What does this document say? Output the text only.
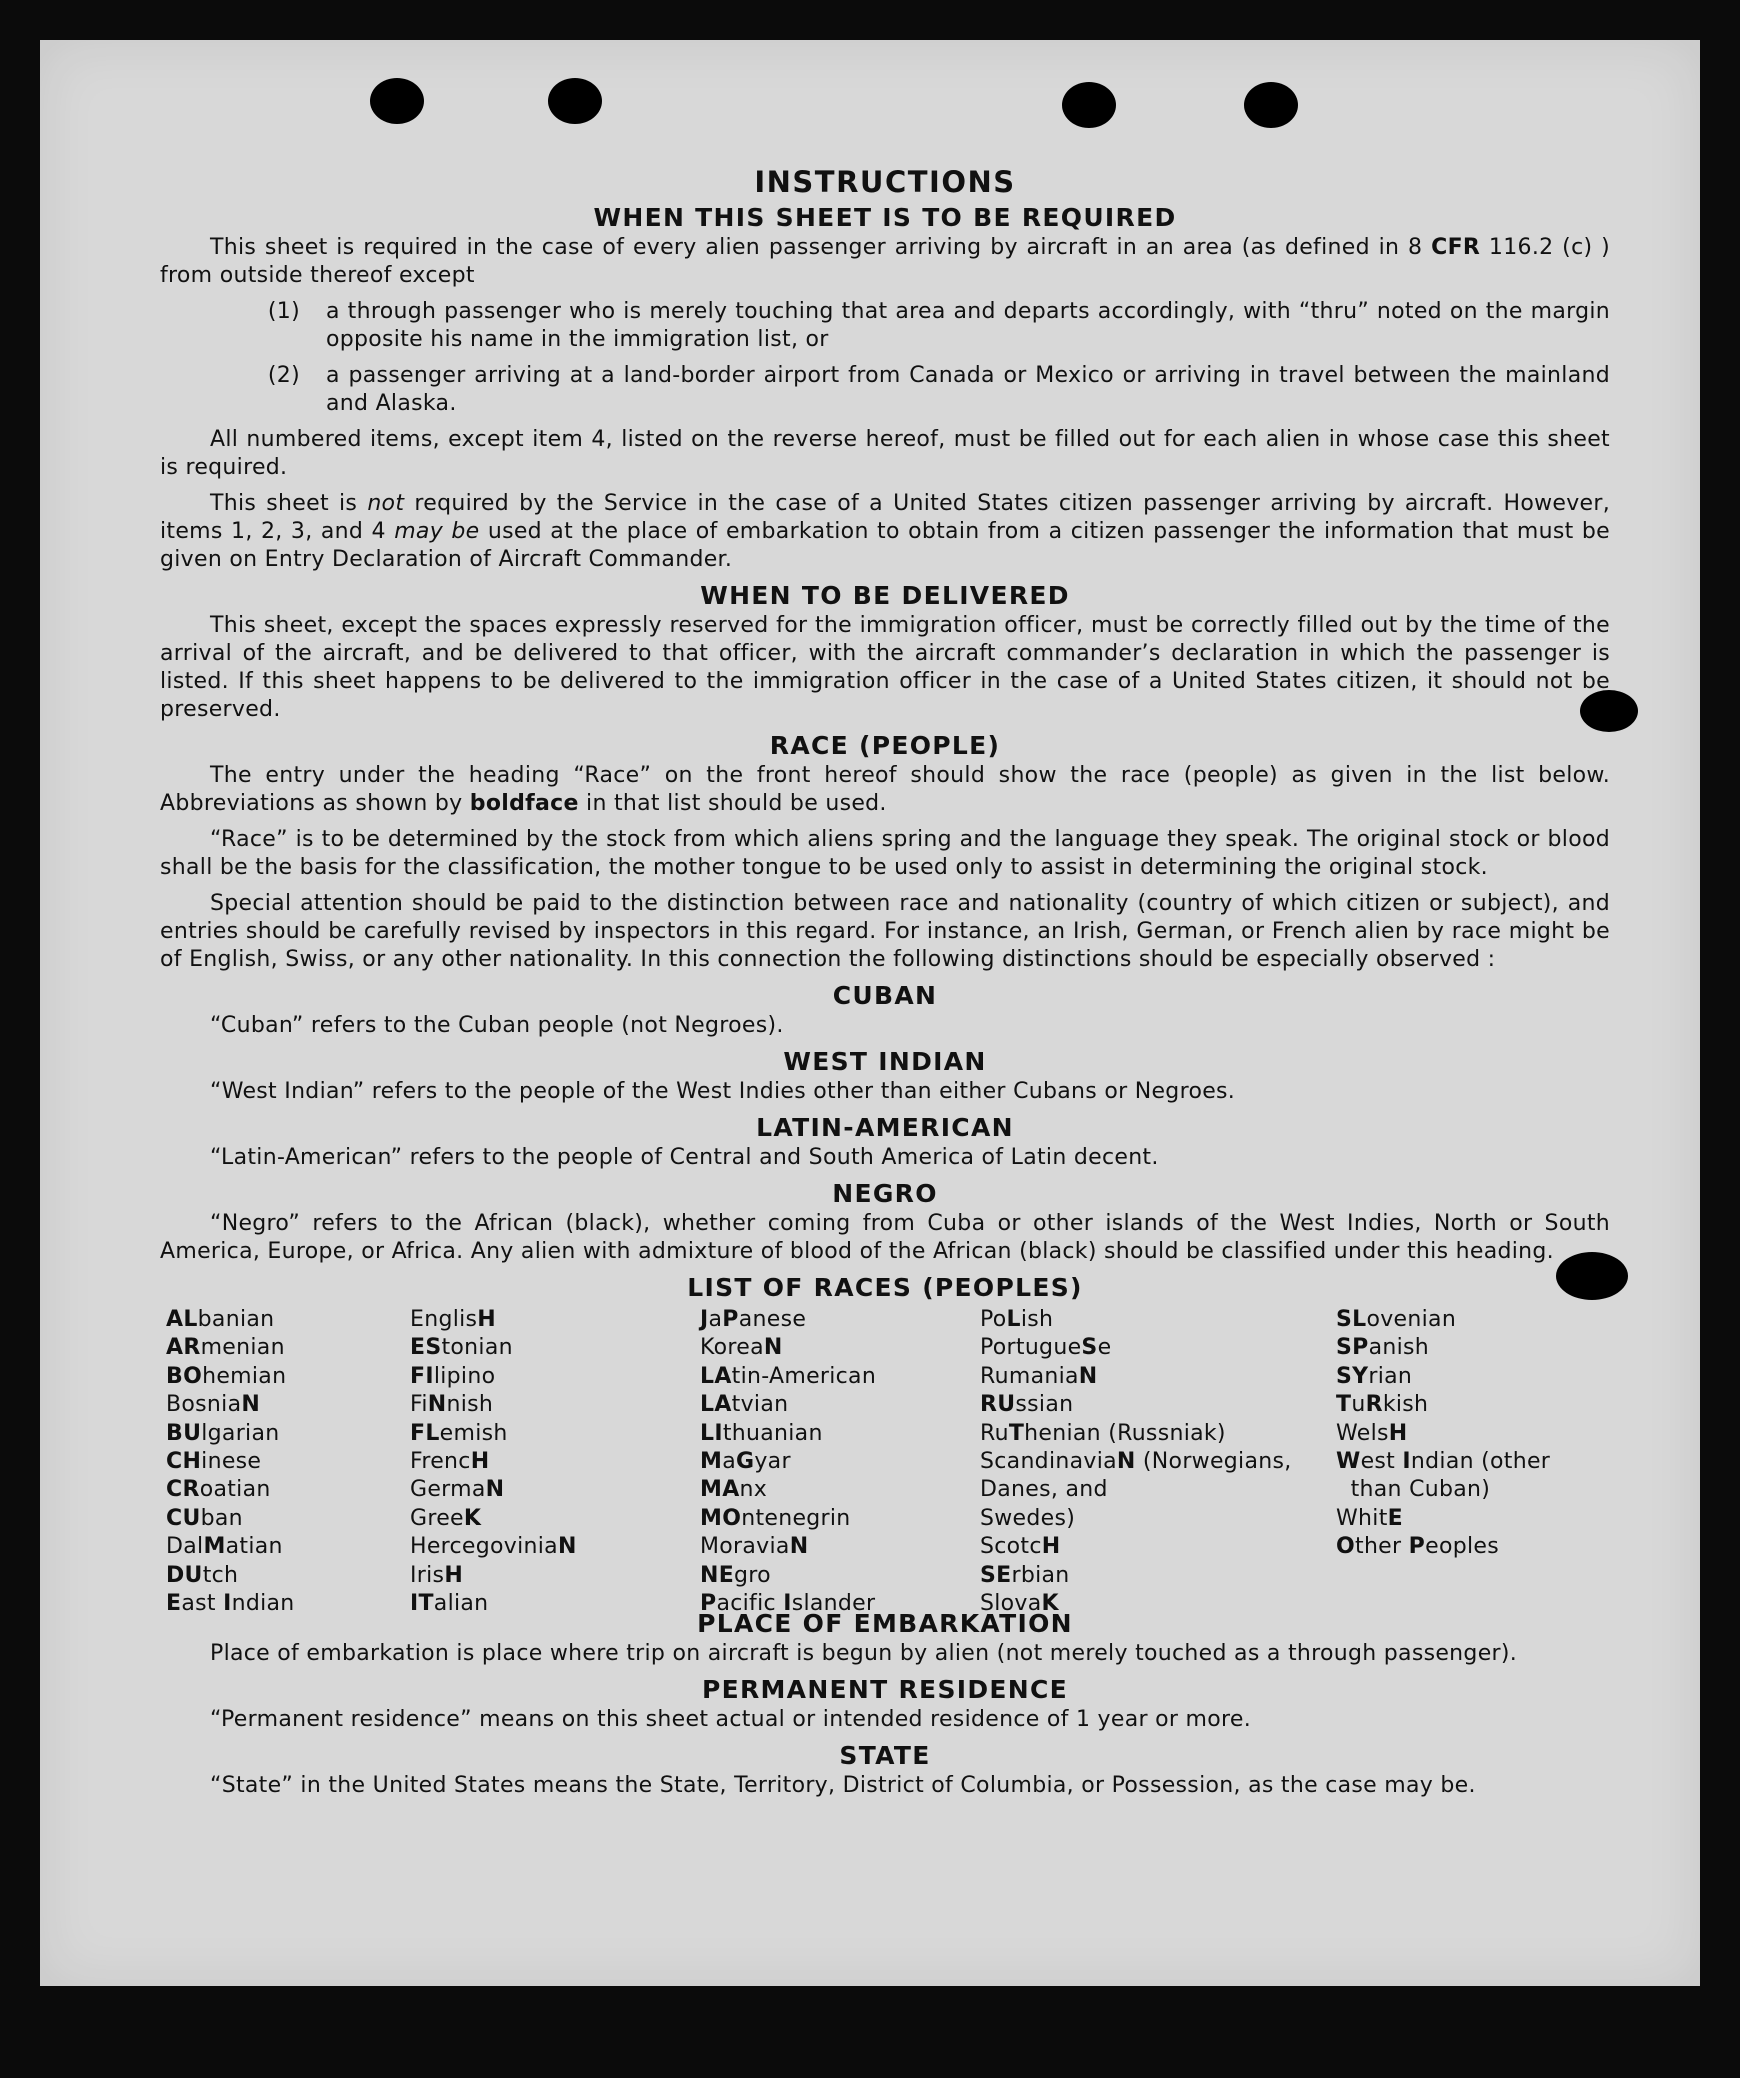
INSTRUCTIONS
WHEN THIS SHEET IS TO BE REQUIRED
This sheet is required in the case of every alien passenger arriving by aircraft in an area (as defined in 8 CFR 116.2 (c) ) from outside thereof except
(1)	a through passenger who is merely touching that area and departs accordingly, with “thru” noted on the margin opposite his name in the immigration list, or
(2)	a passenger arriving at a land-border airport from Canada or Mexico or arriving in travel between the mainland and Alaska.
All numbered items, except item 4, listed on the reverse hereof, must be filled out for each alien in whose case this sheet is required.
This sheet is not required by the Service in the case of a United States citizen passenger arriving by aircraft. However, items 1, 2, 3, and 4 may be used at the place of embarkation to obtain from a citizen passenger the information that must be given on Entry Declaration of Aircraft Commander.
WHEN TO BE DELIVERED
This sheet, except the spaces expressly reserved for the immigration officer, must be correctly filled out by the time of the arrival of the aircraft, and be delivered to that officer, with the aircraft commander’s declaration in which the passenger is listed. If this sheet happens to be delivered to the immigration officer in the case of a United States citizen, it should not be preserved.
RACE (PEOPLE)
The entry under the heading “Race” on the front hereof should show the race (people) as given in the list below. Abbreviations as shown by boldface in that list should be used.
“Race” is to be determined by the stock from which aliens spring and the language they speak. The original stock or blood shall be the basis for the classification, the mother tongue to be used only to assist in determining the original stock.
Special attention should be paid to the distinction between race and nationality (country of which citizen or subject), and entries should be carefully revised by inspectors in this regard. For instance, an Irish, German, or French alien by race might be of English, Swiss, or any other nationality. In this connection the following distinctions should be especially observed :
CUBAN
“Cuban” refers to the Cuban people (not Negroes).
WEST INDIAN
“West Indian” refers to the people of the West Indies other than either Cubans or Negroes.
LATIN-AMERICAN
“Latin-American” refers to the people of Central and South America of Latin decent.
NEGRO
“Negro” refers to the African (black), whether coming from Cuba or other islands of the West Indies, North or South America, Europe, or Africa. Any alien with admixture of blood of the African (black) should be classified under this heading.
LIST OF RACES (PEOPLES)
ALbanian
ARmenian
BOhemian
BosniaN
BUlgarian
CHinese
CRoatian
CUban
DalMatian
DUtch
East Indian
EnglisH
EStonian
FIlipino
FiNnish
FLemish
FrencH
GermaN
GreeK
HercegoviniaN
IrisH
ITalian
JaPanese
KoreaN
LAtin-American
LAtvian
LIthuanian
MaGyar
MAnx
MOntenegrin
MoraviaN
NEgro
Pacific Islander
PoLish
PortugueSe
RumaniaN
RUssian
RuThenian (Russniak)
ScandinaviaN (Norwegians,
Danes, and
Swedes)
ScotcH
SErbian
SlovaK
SLovenian
SPanish
SYrian
TuRkish
WelsH
West Indian (other
than Cuban)
WhitE
Other Peoples
PLACE OF EMBARKATION
Place of embarkation is place where trip on aircraft is begun by alien (not merely touched as a through passenger).
PERMANENT RESIDENCE
“Permanent residence” means on this sheet actual or intended residence of 1 year or more.
STATE
“State” in the United States means the State, Territory, District of Columbia, or Possession, as the case may be.
